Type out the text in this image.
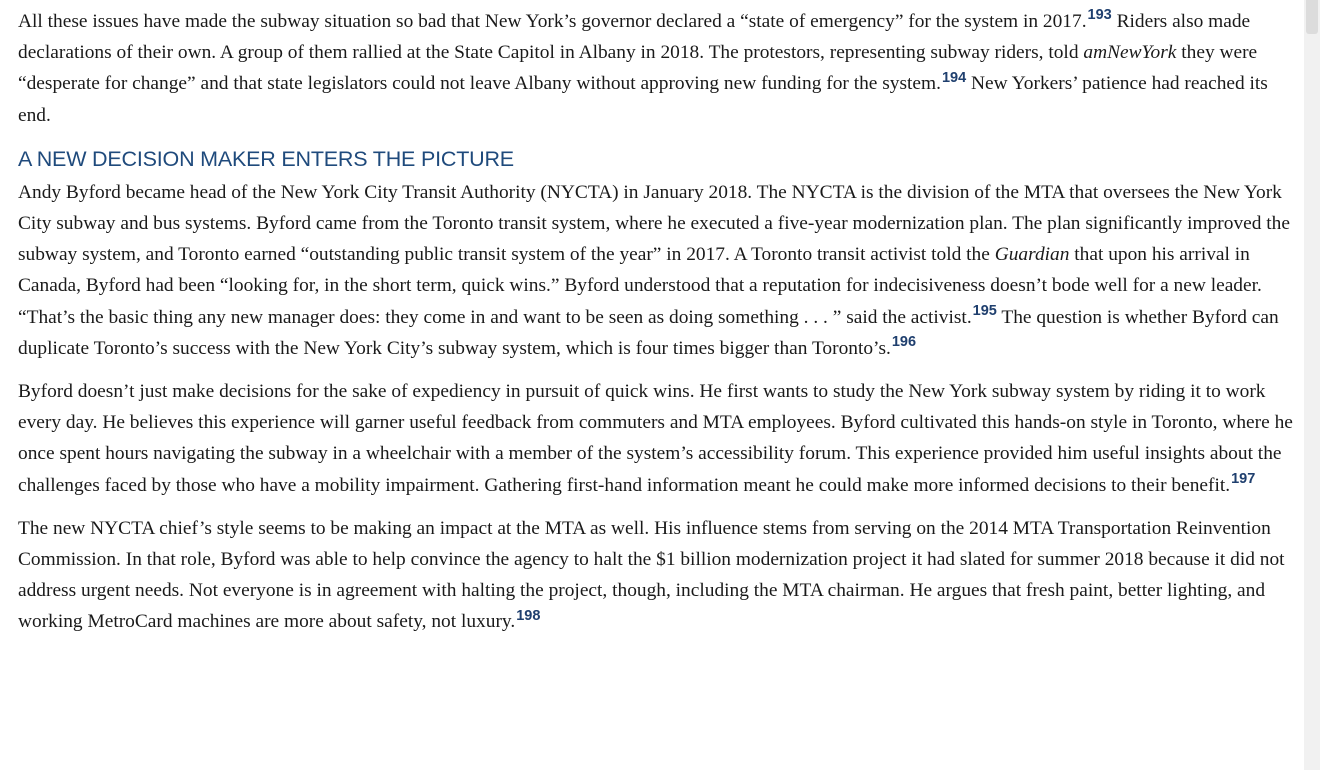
All these issues have made the subway situation so bad that New York’s governor declared a “state of emergency” for the system in 2017.$^{193}$ Riders also made declarations of their own. A group of them rallied at the State Capitol in Albany in 2018. The protestors, representing subway riders, told amNewYork they were “desperate for change” and that state legislators could not leave Albany without approving new funding for the system.$^{194}$ New Yorkers’ patience had reached its end.

A NEW DECISION MAKER ENTERS THE PICTURE

Andy Byford became head of the New York City Transit Authority (NYCTA) in January 2018. The NYCTA is the division of the MTA that oversees the New York City subway and bus systems. Byford came from the Toronto transit system, where he executed a five-year modernization plan. The plan significantly improved the subway system, and Toronto earned “outstanding public transit system of the year” in 2017. A Toronto transit activist told the Guardian that upon his arrival in Canada, Byford had been “looking for, in the short term, quick wins.” Byford understood that a reputation for indecisiveness doesn’t bode well for a new leader. “That’s the basic thing any new manager does: they come in and want to be seen as doing something . . . ” said the activist.$^{195}$ The question is whether Byford can duplicate Toronto’s success with the New York City’s subway system, which is four times bigger than Toronto’s.$^{196}$

Byford doesn’t just make decisions for the sake of expediency in pursuit of quick wins. He first wants to study the New York subway system by riding it to work every day. He believes this experience will garner useful feedback from commuters and MTA employees. Byford cultivated this hands-on style in Toronto, where he once spent hours navigating the subway in a wheelchair with a member of the system’s accessibility forum. This experience provided him useful insights about the challenges faced by those who have a mobility impairment. Gathering first-hand information meant he could make more informed decisions to their benefit.$^{197}$

The new NYCTA chief’s style seems to be making an impact at the MTA as well. His influence stems from serving on the 2014 MTA Transportation Reinvention Commission. In that role, Byford was able to help convince the agency to halt the $1 billion modernization project it had slated for summer 2018 because it did not address urgent needs. Not everyone is in agreement with halting the project, though, including the MTA chairman. He argues that fresh paint, better lighting, and working MetroCard machines are more about safety, not luxury.$^{198}$
